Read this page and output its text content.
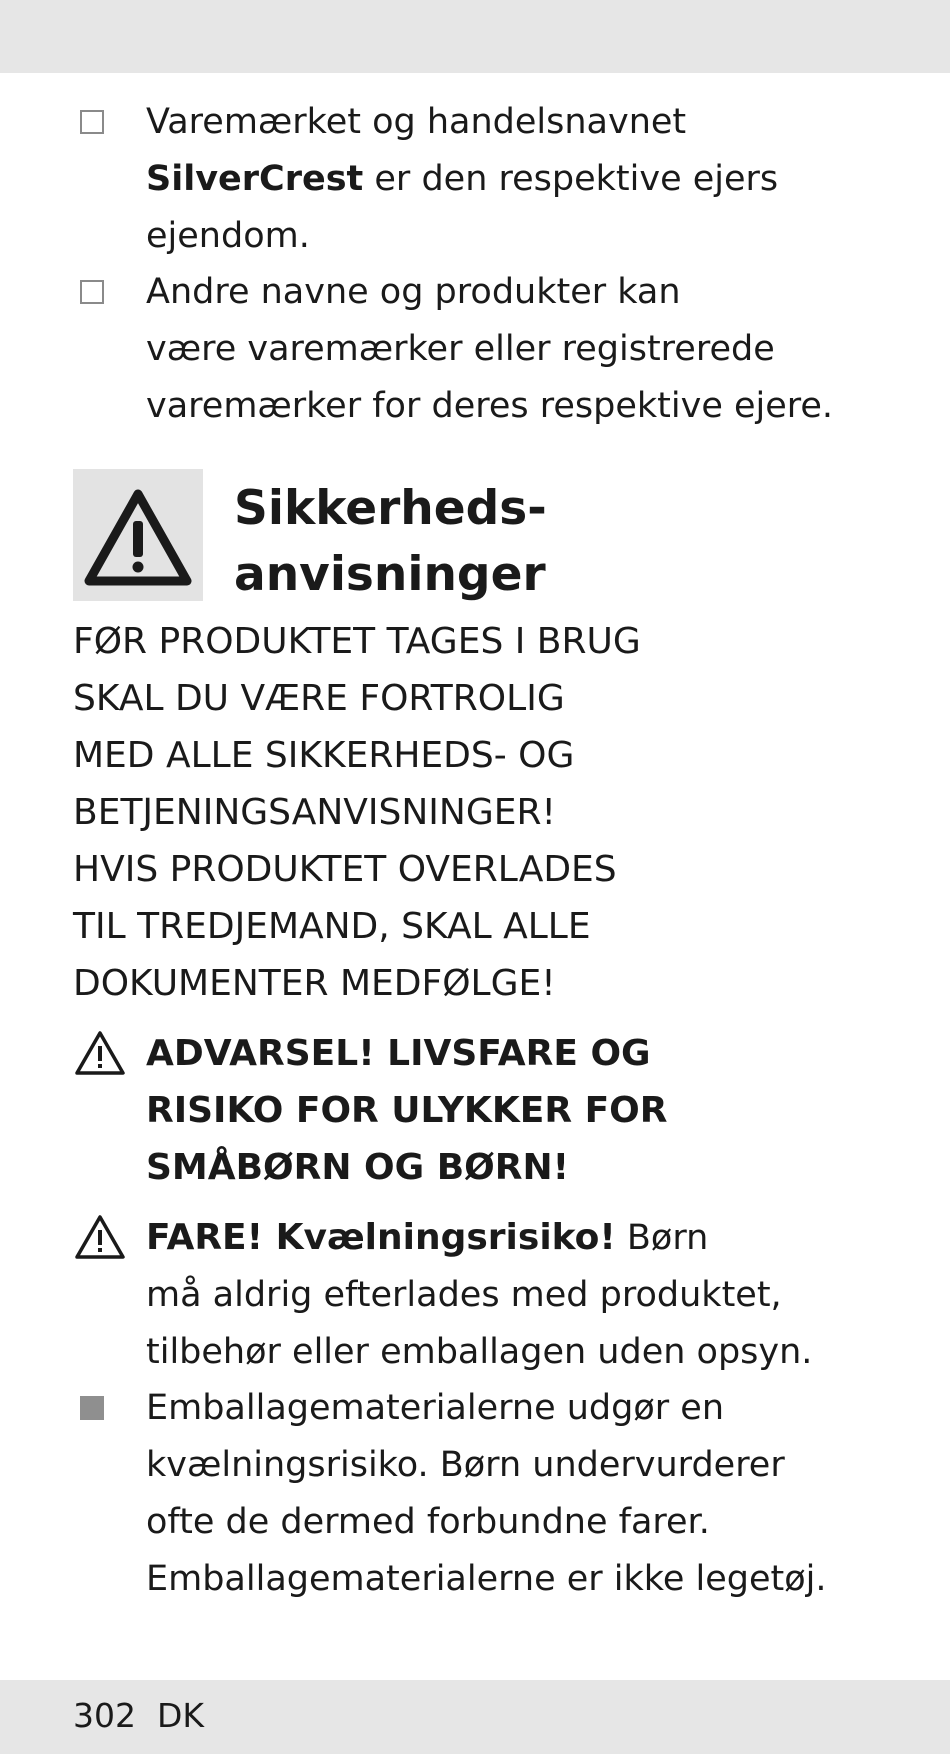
Varemærket og handelsnavnet
SilverCrest er den respektive ejers
ejendom.
Andre navne og produkter kan
være varemærker eller registrerede
varemærker for deres respektive ejere.
Sikkerheds-
anvisninger
FØR PRODUKTET TAGES I BRUG
SKAL DU VÆRE FORTROLIG
MED ALLE SIKKERHEDS- OG
BETJENINGSANVISNINGER!
HVIS PRODUKTET OVERLADES
TIL TREDJEMAND, SKAL ALLE
DOKUMENTER MEDFØLGE!
ADVARSEL! LIVSFARE OG
RISIKO FOR ULYKKER FOR
SMÅBØRN OG BØRN!
FARE! Kvælningsrisiko! Børn
må aldrig efterlades med produktet,
tilbehør eller emballagen uden opsyn.
Emballagematerialerne udgør en
kvælningsrisiko. Børn undervurderer
ofte de dermed forbundne farer.
Emballagematerialerne er ikke legetøj.
302 DK
